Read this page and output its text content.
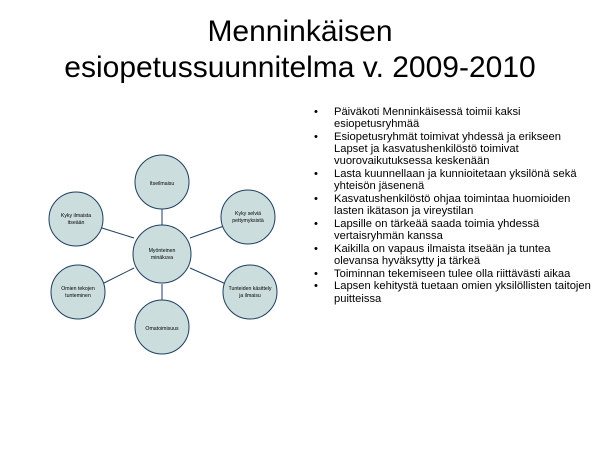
Menninkäisen
esiopetussuunnitelma v. 2009-2010
Myönteinen
minäkuva
Itseilmaisu
Kyky selviä
pettymyksistä
Tunteiden käsittely
ja ilmaisu
Omatoimisuus
Omien tekojen
tunteminen
Kyky ilmaista
itseään
• Päiväkoti Menninkäisessä toimii kaksi esiopetusryhmää
• Esiopetusryhmät toimivat yhdessä ja erikseen Lapset ja kasvatushenkilöstö toimivat vuorovaikutuksessa keskenään
• Lasta kuunnellaan ja kunnioitetaan yksilönä sekä yhteisön jäsenenä
• Kasvatushenkilöstö ohjaa toimintaa huomioiden lasten ikätason ja vireystilan
• Lapsille on tärkeää saada toimia yhdessä vertaisryhmän kanssa
• Kaikilla on vapaus ilmaista itseään ja tuntea olevansa hyväksytty ja tärkeä
• Toiminnan tekemiseen tulee olla riittävästi aikaa
• Lapsen kehitystä tuetaan omien yksilöllisten taitojen puitteissa
